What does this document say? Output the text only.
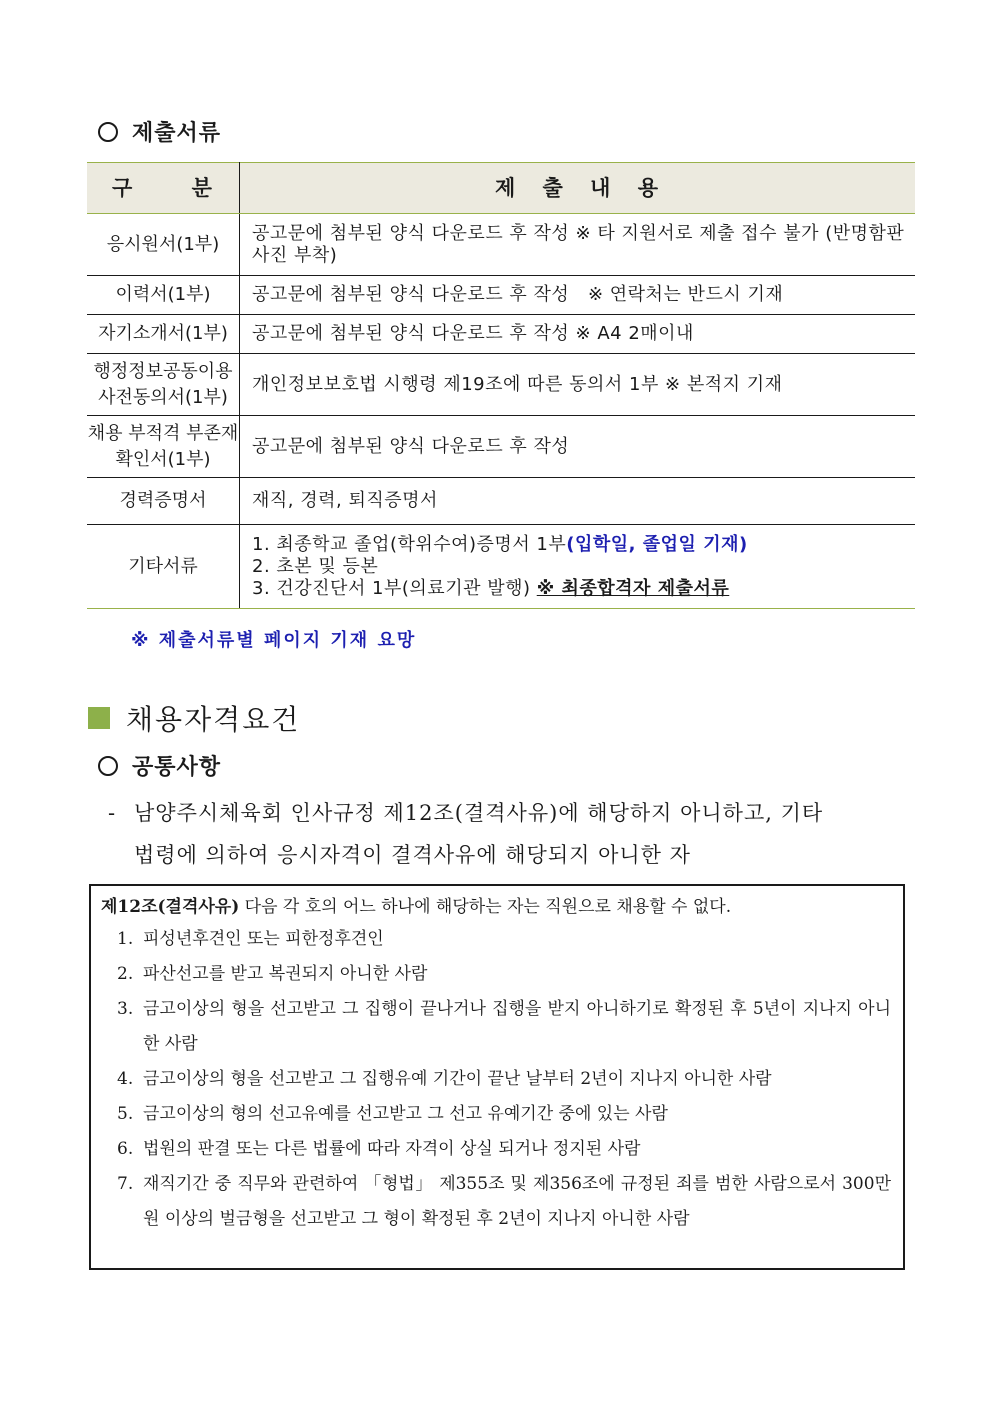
제출서류
구 분	제 출 내 용
응시원서(1부)	공고문에 첨부된 양식 다운로드 후 작성 ※ 타 지원서로 제출 접수 불가 (반명함판 사진 부착)
이력서(1부)	공고문에 첨부된 양식 다운로드 후 작성   ※ 연락처는 반드시 기재
자기소개서(1부)	공고문에 첨부된 양식 다운로드 후 작성 ※ A4 2매이내
행정정보공동이용 사전동의서(1부)	개인정보보호법 시행령 제19조에 따른 동의서 1부 ※ 본적지 기재
채용 부적격 부존재확인서(1부)	공고문에 첨부된 양식 다운로드 후 작성
경력증명서	재직, 경력, 퇴직증명서
기타서류	1. 최종학교 졸업(학위수여)증명서 1부(입학일, 졸업일 기재)
2. 초본 및 등본
3. 건강진단서 1부(의료기관 발행) ※ 최종합격자 제출서류
※ 제출서류별 페이지 기재 요망
채용자격요건
공통사항
- 남양주시체육회 인사규정 제12조(결격사유)에 해당하지 아니하고, 기타
법령에 의하여 응시자격이 결격사유에 해당되지 아니한 자
제12조(결격사유) 다음 각 호의 어느 하나에 해당하는 자는 직원으로 채용할 수 없다.
1. 피성년후견인 또는 피한정후견인
2. 파산선고를 받고 복권되지 아니한 사람
3. 금고이상의 형을 선고받고 그 집행이 끝나거나 집행을 받지 아니하기로 확정된 후 5년이 지나지 아니한 사람
4. 금고이상의 형을 선고받고 그 집행유예 기간이 끝난 날부터 2년이 지나지 아니한 사람
5. 금고이상의 형의 선고유예를 선고받고 그 선고 유예기간 중에 있는 사람
6. 법원의 판결 또는 다른 법률에 따라 자격이 상실 되거나 정지된 사람
7. 재직기간 중 직무와 관련하여 「형법」 제355조 및 제356조에 규정된 죄를 범한 사람으로서 300만원 이상의 벌금형을 선고받고 그 형이 확정된 후 2년이 지나지 아니한 사람
